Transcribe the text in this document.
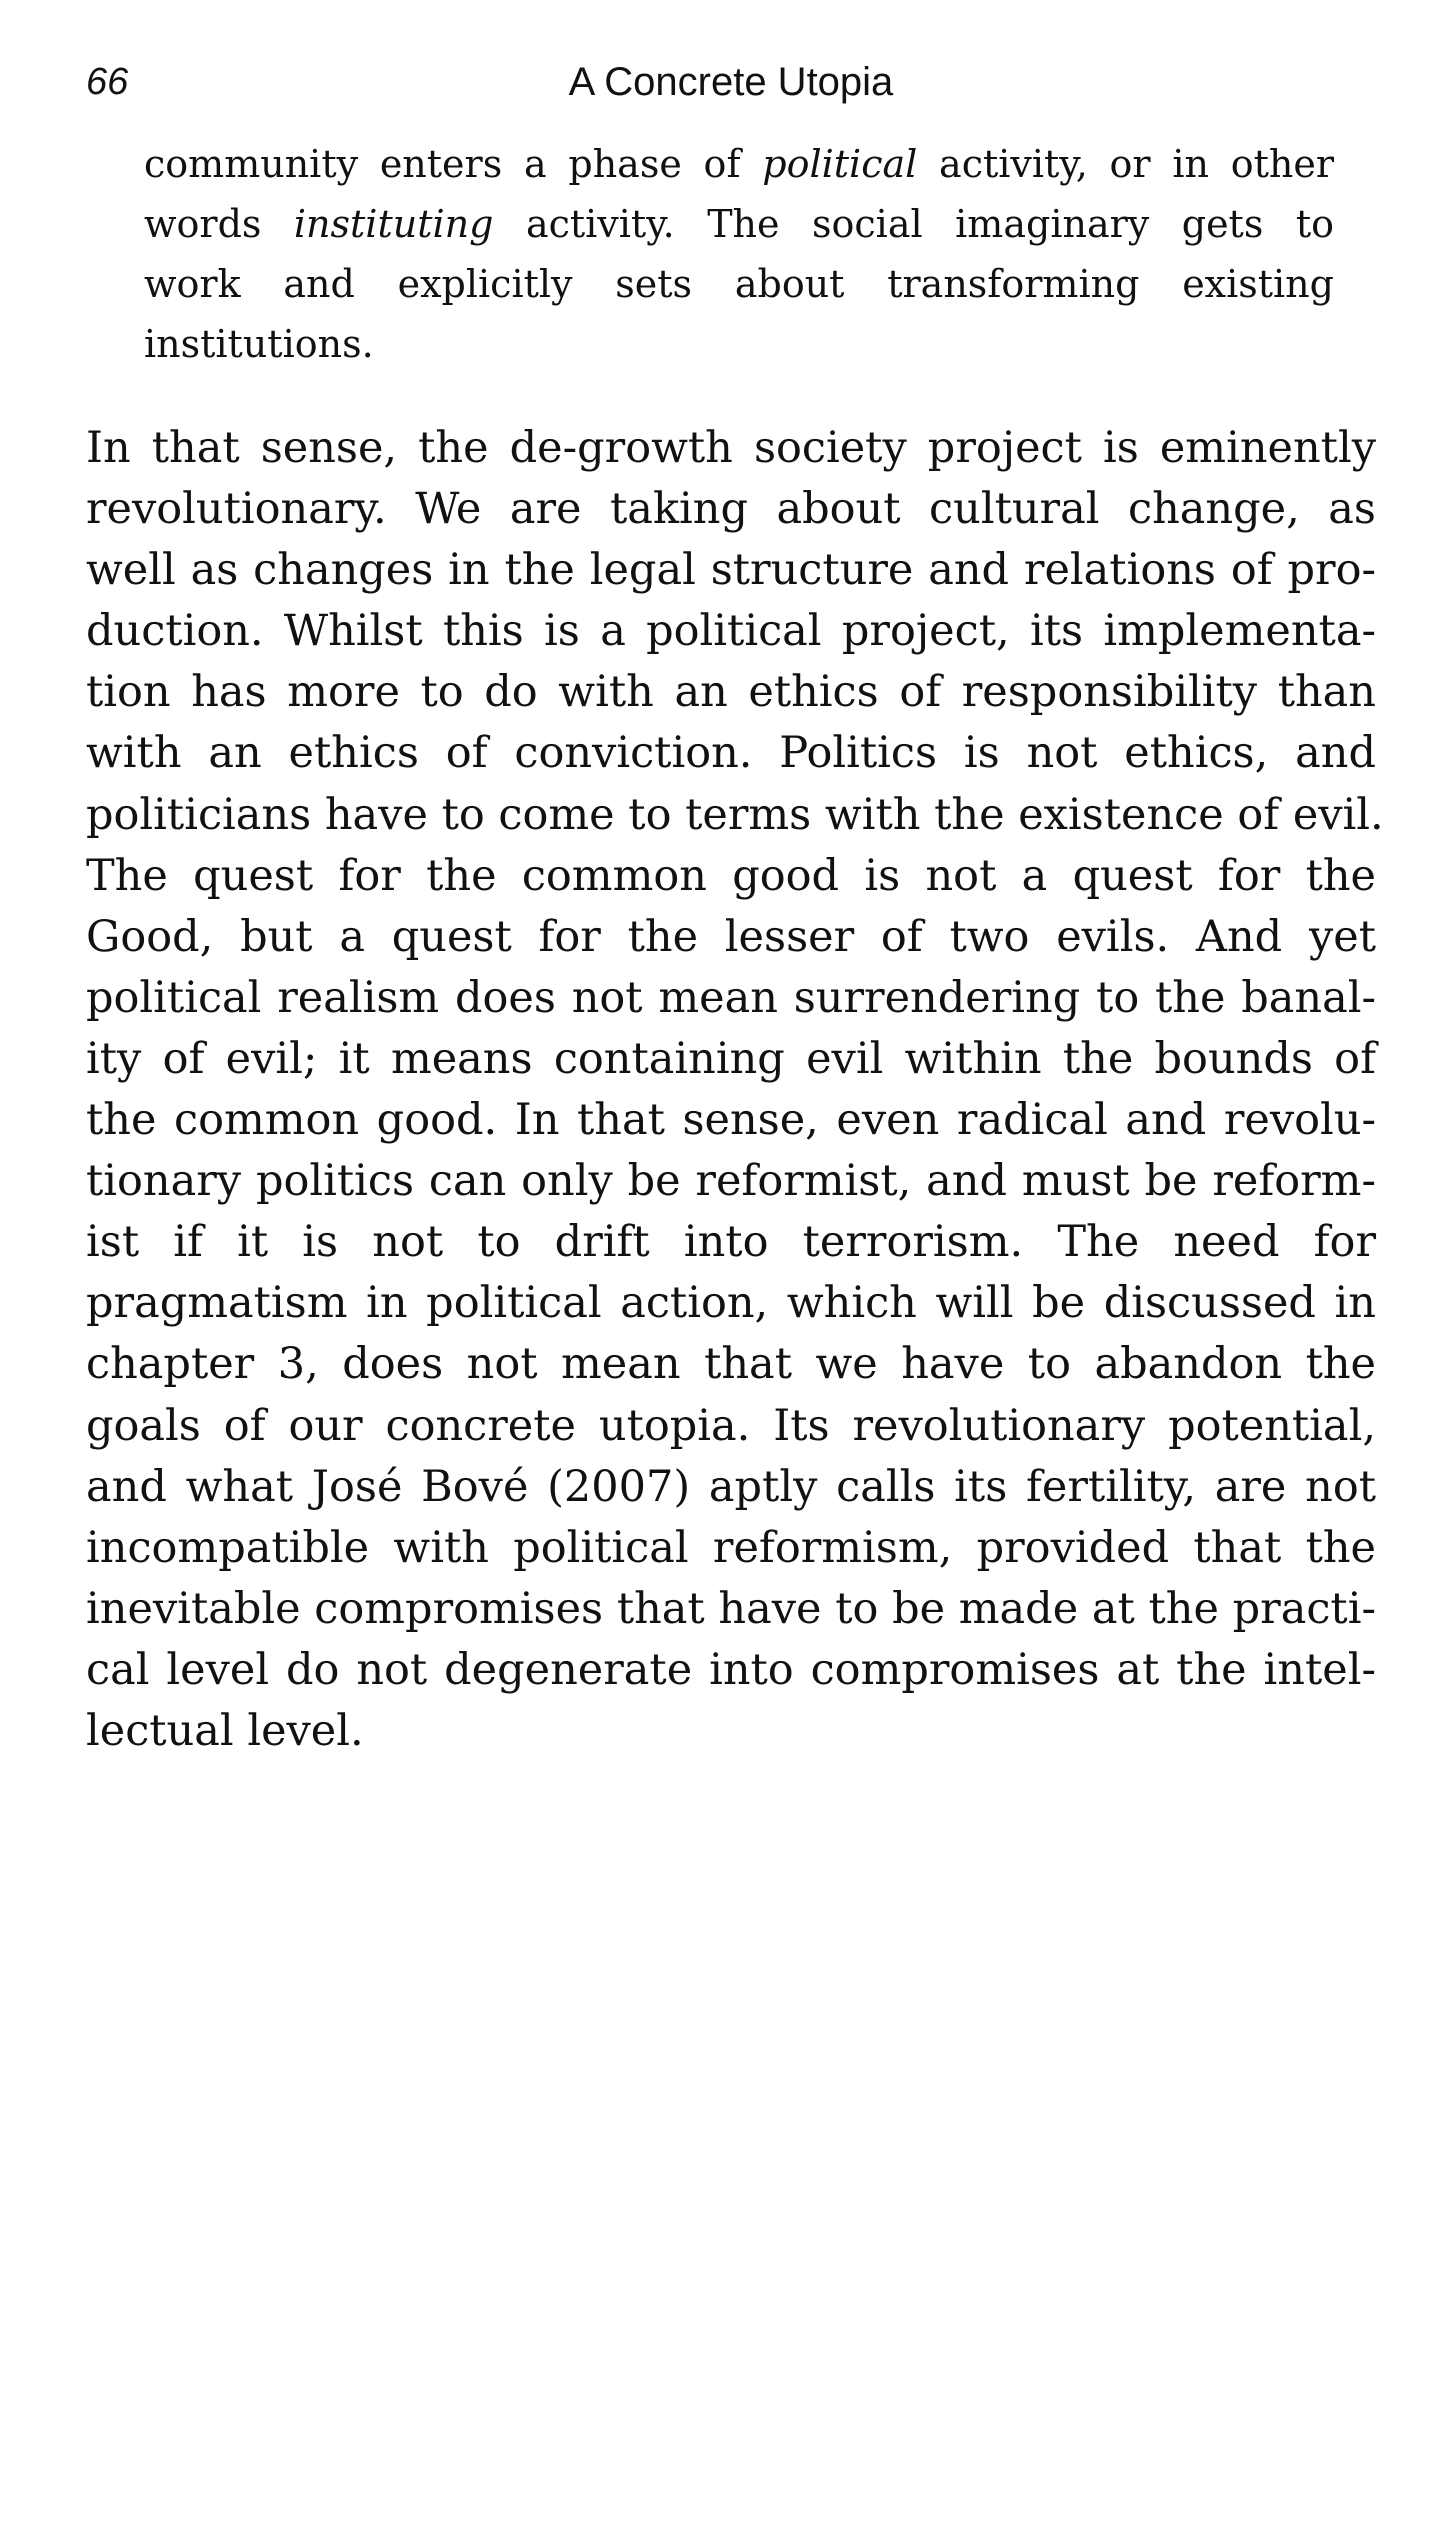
66	A Concrete Utopia
community enters a phase of political activity, or in other
words instituting activity. The social imaginary gets to
work and explicitly sets about transforming existing
institutions.
In that sense, the de-growth society project is eminently
revolutionary. We are taking about cultural change, as
well as changes in the legal structure and relations of pro-
duction. Whilst this is a political project, its implementa-
tion has more to do with an ethics of responsibility than
with an ethics of conviction. Politics is not ethics, and
politicians have to come to terms with the existence of evil.
The quest for the common good is not a quest for the
Good, but a quest for the lesser of two evils. And yet
political realism does not mean surrendering to the banal-
ity of evil; it means containing evil within the bounds of
the common good. In that sense, even radical and revolu-
tionary politics can only be reformist, and must be reform-
ist if it is not to drift into terrorism. The need for
pragmatism in political action, which will be discussed in
chapter 3, does not mean that we have to abandon the
goals of our concrete utopia. Its revolutionary potential,
and what José Bové (2007) aptly calls its fertility, are not
incompatible with political reformism, provided that the
inevitable compromises that have to be made at the practi-
cal level do not degenerate into compromises at the intel-
lectual level.
